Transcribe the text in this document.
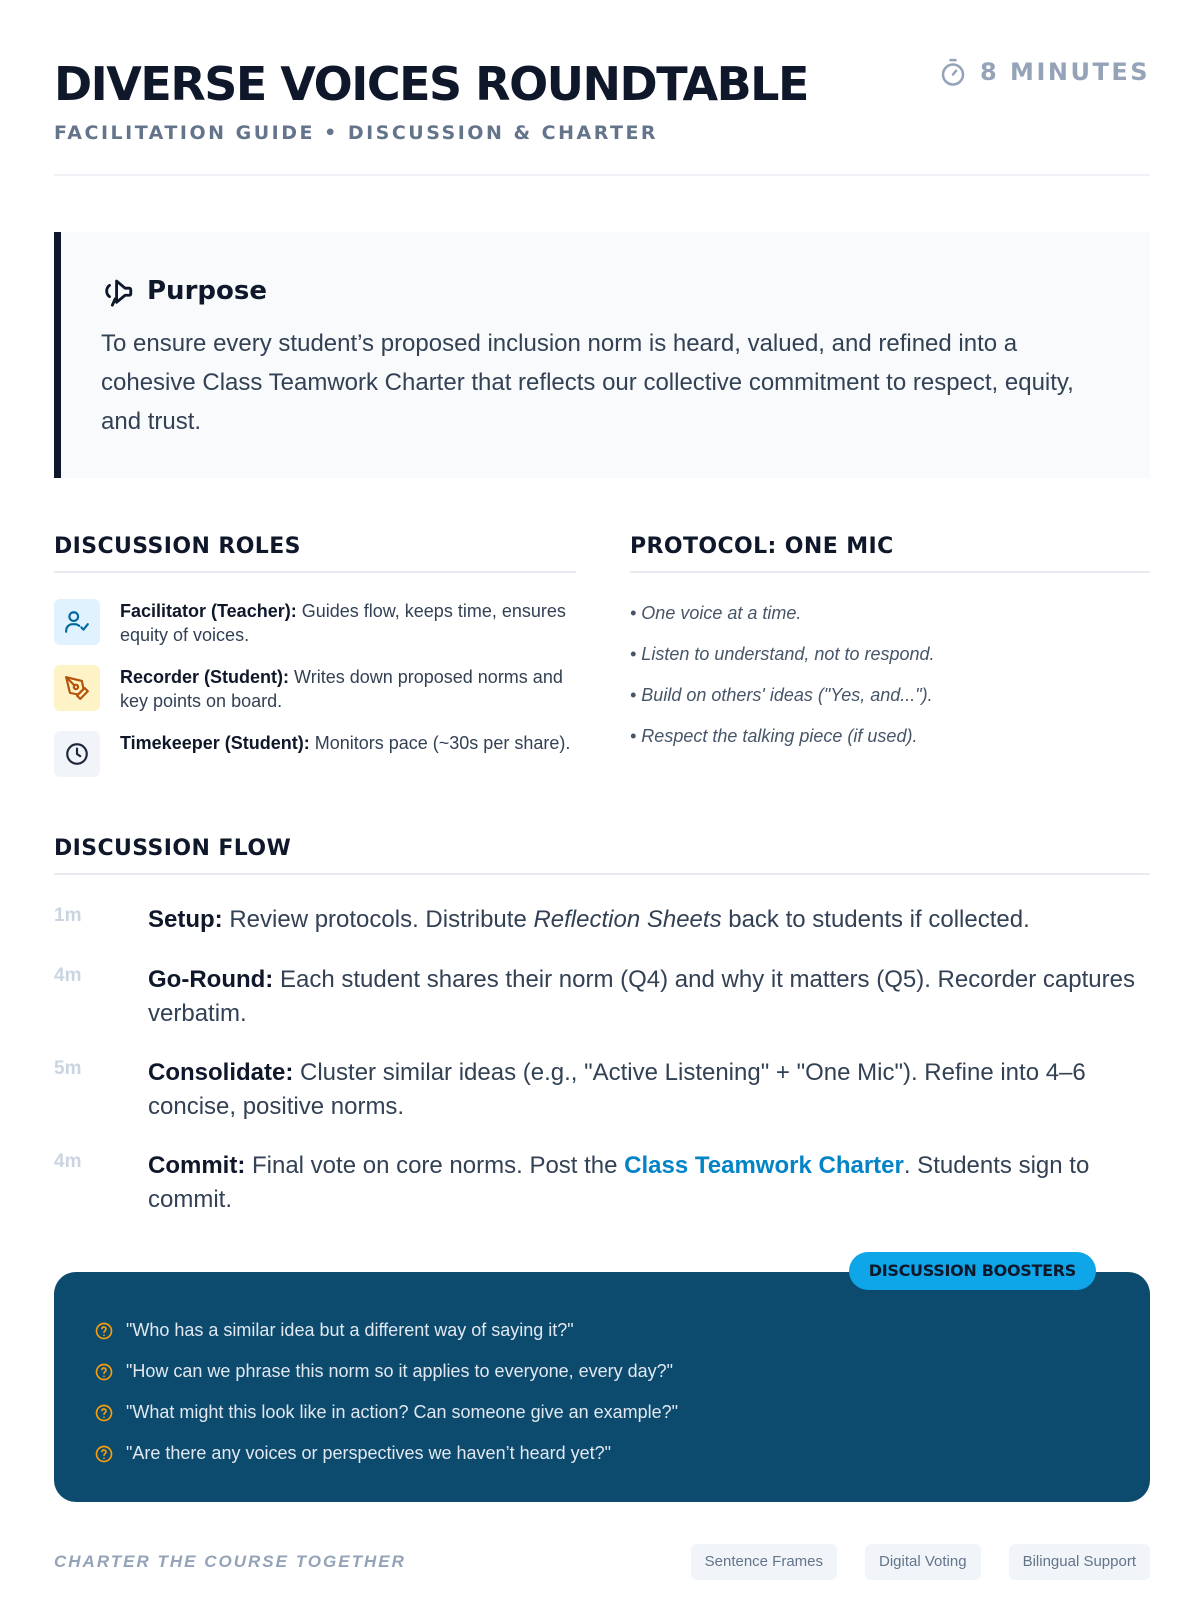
DIVERSE VOICES ROUNDTABLE
FACILITATION GUIDE • DISCUSSION & CHARTER
8 MINUTES
Purpose

To ensure every student’s proposed inclusion norm is heard, valued, and refined into a cohesive Class Teamwork Charter that reflects our collective commitment to respect, equity, and trust.

DISCUSSION ROLES
Facilitator (Teacher): Guides flow, keeps time, ensures equity of voices.
Recorder (Student): Writes down proposed norms and key points on board.
Timekeeper (Student): Monitors pace (~30s per share).
PROTOCOL: ONE MIC
• One voice at a time.
• Listen to understand, not to respond.
• Build on others' ideas ("Yes, and...").
• Respect the talking piece (if used).
DISCUSSION FLOW
1m	Setup: Review protocols. Distribute Reflection Sheets back to students if collected.
4m	Go-Round: Each student shares their norm (Q4) and why it matters (Q5). Recorder captures verbatim.
5m	Consolidate: Cluster similar ideas (e.g., "Active Listening" + "One Mic"). Refine into 4–6 concise, positive norms.
4m	Commit: Final vote on core norms. Post the Class Teamwork Charter. Students sign to commit.
DISCUSSION BOOSTERS
"Who has a similar idea but a different way of saying it?"
"How can we phrase this norm so it applies to everyone, every day?"
"What might this look like in action? Can someone give an example?"
"Are there any voices or perspectives we haven’t heard yet?"
CHARTER THE COURSE TOGETHER	Sentence Frames	Digital Voting	Bilingual Support
